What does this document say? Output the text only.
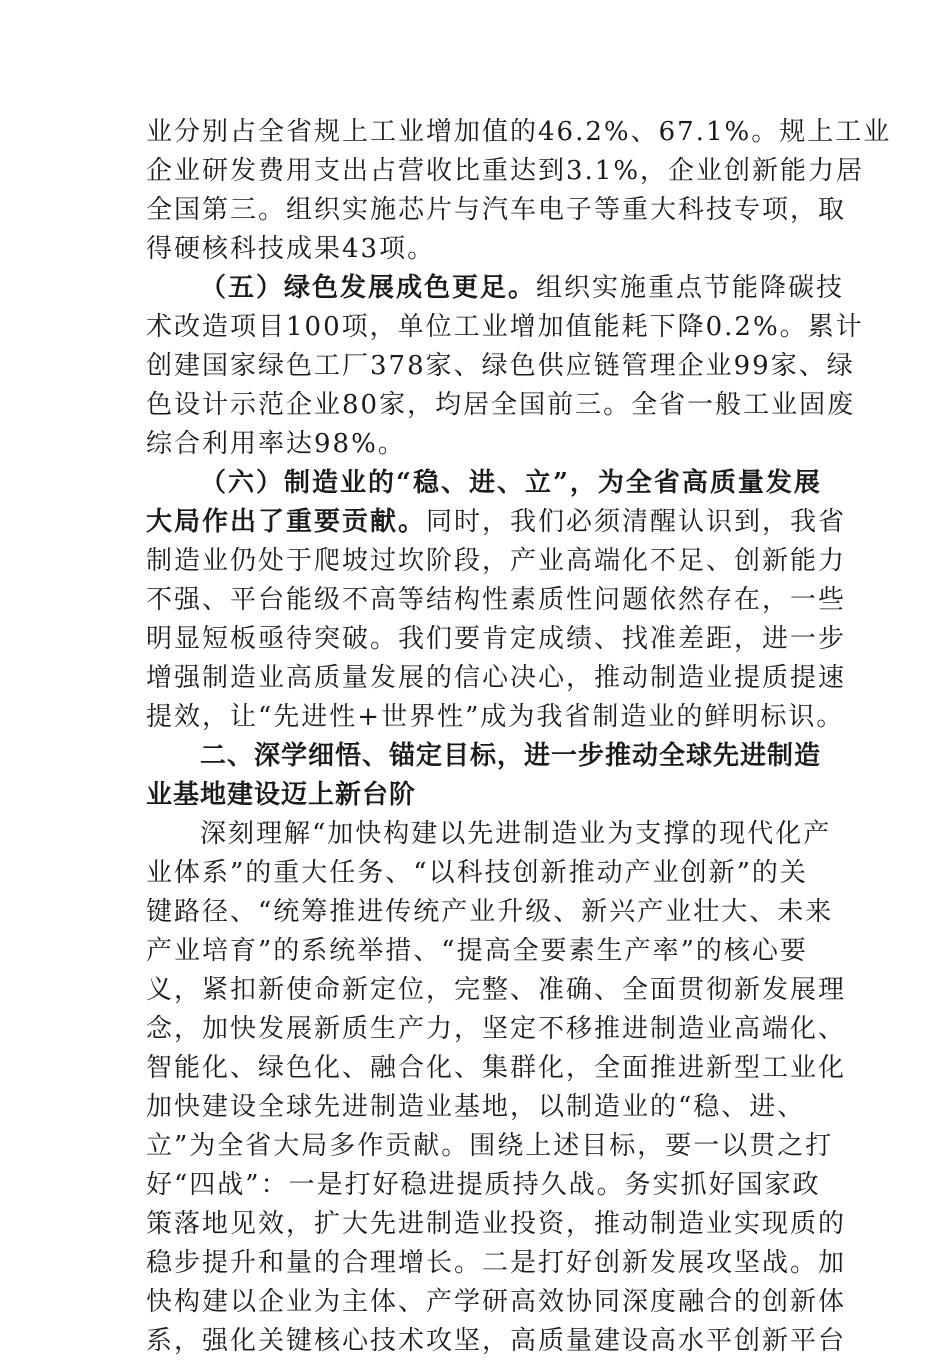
业分别占全省规上工业增加值的46.2%、67.1%。规上工业
企业研发费用支出占营收比重达到3.1%，企业创新能力居
全国第三。组织实施芯片与汽车电子等重大科技专项，取
得硬核科技成果43项。
（五）绿色发展成色更足。组织实施重点节能降碳技
术改造项目100项，单位工业增加值能耗下降0.2%。累计
创建国家绿色工厂378家、绿色供应链管理企业99家、绿
色设计示范企业80家，均居全国前三。全省一般工业固废
综合利用率达98%。
（六）制造业的“稳、进、立”，为全省高质量发展
大局作出了重要贡献。同时，我们必须清醒认识到，我省
制造业仍处于爬坡过坎阶段，产业高端化不足、创新能力
不强、平台能级不高等结构性素质性问题依然存在，一些
明显短板亟待突破。我们要肯定成绩、找准差距，进一步
增强制造业高质量发展的信心决心，推动制造业提质提速
提效，让“先进性+世界性”成为我省制造业的鲜明标识。
二、深学细悟、锚定目标，进一步推动全球先进制造
业基地建设迈上新台阶
深刻理解“加快构建以先进制造业为支撑的现代化产
业体系”的重大任务、“以科技创新推动产业创新”的关
键路径、“统筹推进传统产业升级、新兴产业壮大、未来
产业培育”的系统举措、“提高全要素生产率”的核心要
义，紧扣新使命新定位，完整、准确、全面贯彻新发展理
念，加快发展新质生产力，坚定不移推进制造业高端化、
智能化、绿色化、融合化、集群化，全面推进新型工业化
加快建设全球先进制造业基地，以制造业的“稳、进、
立”为全省大局多作贡献。围绕上述目标，要一以贯之打
好“四战”：一是打好稳进提质持久战。务实抓好国家政
策落地见效，扩大先进制造业投资，推动制造业实现质的
稳步提升和量的合理增长。二是打好创新发展攻坚战。加
快构建以企业为主体、产学研高效协同深度融合的创新体
系，强化关键核心技术攻坚，高质量建设高水平创新平台
